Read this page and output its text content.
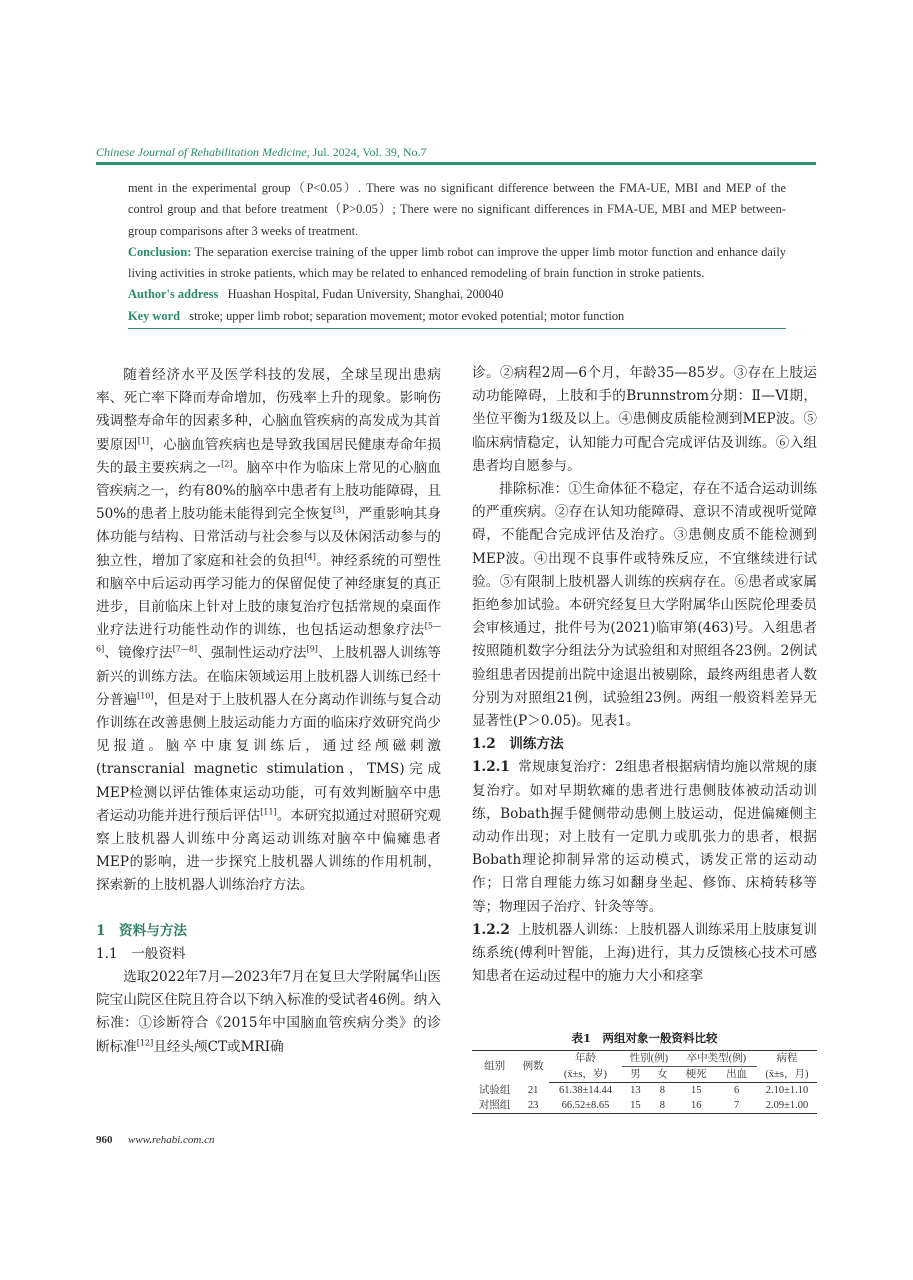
Chinese Journal of Rehabilitation Medicine, Jul. 2024, Vol. 39, No.7
ment in the experimental group（P<0.05）. There was no significant difference between the FMA-UE, MBI and MEP of the control group and that before treatment（P>0.05）; There were no significant differences in FMA-UE, MBI and MEP between-group comparisons after 3 weeks of treatment.
Conclusion: The separation exercise training of the upper limb robot can improve the upper limb motor function and enhance daily living activities in stroke patients, which may be related to enhanced remodeling of brain function in stroke patients.
Author's address Huashan Hospital, Fudan University, Shanghai, 200040
Key word stroke; upper limb robot; separation movement; motor evoked potential; motor function

随着经济水平及医学科技的发展，全球呈现出患病率、死亡率下降而寿命增加，伤残率上升的现象。影响伤残调整寿命年的因素多种，心脑血管疾病的高发成为其首要原因[1]，心脑血管疾病也是导致我国居民健康寿命年损失的最主要疾病之一[2]。脑卒中作为临床上常见的心脑血管疾病之一，约有80%的脑卒中患者有上肢功能障碍，且50%的患者上肢功能未能得到完全恢复[3]，严重影响其身体功能与结构、日常活动与社会参与以及休闲活动参与的独立性，增加了家庭和社会的负担[4]。神经系统的可塑性和脑卒中后运动再学习能力的保留促使了神经康复的真正进步，目前临床上针对上肢的康复治疗包括常规的桌面作业疗法进行功能性动作的训练，也包括运动想象疗法[5—6]、镜像疗法[7—8]、强制性运动疗法[9]、上肢机器人训练等新兴的训练方法。在临床领域运用上肢机器人训练已经十分普遍[10]，但是对于上肢机器人在分离动作训练与复合动作训练在改善患侧上肢运动能力方面的临床疗效研究尚少见报道。脑卒中康复训练后，通过经颅磁刺激(transcranial magnetic stimulation，TMS)完成MEP检测以评估锥体束运动功能，可有效判断脑卒中患者运动功能并进行预后评估[11]。本研究拟通过对照研究观察上肢机器人训练中分离运动训练对脑卒中偏瘫患者MEP的影响，进一步探究上肢机器人训练的作用机制，探索新的上肢机器人训练治疗方法。

1　资料与方法

1.1　一般资料

选取2022年7月—2023年7月在复旦大学附属华山医院宝山院区住院且符合以下纳入标准的受试者46例。纳入标准：①诊断符合《2015年中国脑血管疾病分类》的诊断标准[12]且经头颅CT或MRI确

诊。②病程2周—6个月，年龄35—85岁。③存在上肢运动功能障碍，上肢和手的Brunnstrom分期：Ⅱ—Ⅵ期，坐位平衡为1级及以上。④患侧皮质能检测到MEP波。⑤临床病情稳定，认知能力可配合完成评估及训练。⑥入组患者均自愿参与。

排除标准：①生命体征不稳定，存在不适合运动训练的严重疾病。②存在认知功能障碍、意识不清或视听觉障碍，不能配合完成评估及治疗。③患侧皮质不能检测到MEP波。④出现不良事件或特殊反应，不宜继续进行试验。⑤有限制上肢机器人训练的疾病存在。⑥患者或家属拒绝参加试验。本研究经复旦大学附属华山医院伦理委员会审核通过，批件号为(2021)临审第(463)号。入组患者按照随机数字分组法分为试验组和对照组各23例。2例试验组患者因提前出院中途退出被剔除，最终两组患者人数分别为对照组21例，试验组23例。两组一般资料差异无显著性(P＞0.05)。见表1。

1.2　训练方法

1.2.1 常规康复治疗：2组患者根据病情均施以常规的康复治疗。如对早期软瘫的患者进行患侧肢体被动活动训练，Bobath握手健侧带动患侧上肢运动，促进偏瘫侧主动动作出现；对上肢有一定肌力或肌张力的患者，根据Bobath理论抑制异常的运动模式，诱发正常的运动动作；日常自理能力练习如翻身坐起、修饰、床椅转移等等；物理因子治疗、针灸等等。

1.2.2 上肢机器人训练：上肢机器人训练采用上肢康复训练系统(傅利叶智能，上海)进行，其力反馈核心技术可感知患者在运动过程中的施力大小和痉挛

表1　两组对象一般资料比较
组别	例数	年龄	性别(例)		卒中类型(例)		病程
		(x̄±s，岁)	男	女	梗死	出血	(x̄±s，月)
试验组	21	61.38±14.44	13	8	15	6	2.10±1.10
对照组	23	66.52±8.65	15	8	16	7	2.09±1.00
960 www.rehabi.com.cn
